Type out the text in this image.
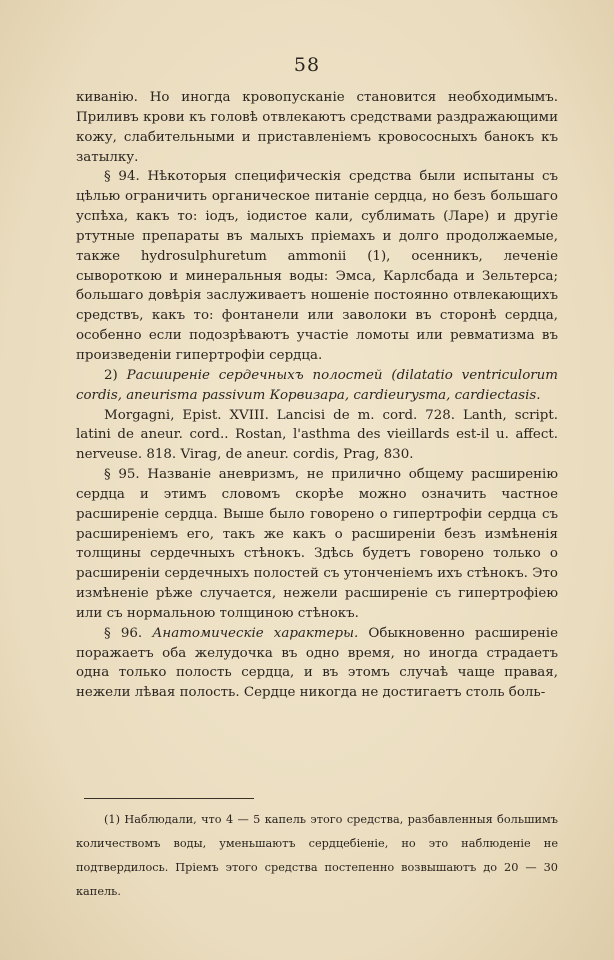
58

киванію. Но иногда кровопусканіе становится необходимымъ. Приливъ крови къ головѣ отвлекаютъ средствами раздражающими кожу, слабительными и приставленіемъ кровососныхъ банокъ къ затылку.

§ 94. Нѣкоторыя специфическія средства были испытаны съ цѣлью ограничить органическое питаніе сердца, но безъ большаго успѣха, какъ то: іодъ, іодистое кали, сублимать (Ларе) и другіе ртутные препараты въ малыхъ пріемахъ и долго продолжаемые, также hydrosulphuretum ammonii (1), осенникъ, леченіе сывороткою и минеральныя воды: Эмса, Карлсбада и Зельтерса; большаго довѣрія заслуживаетъ ношеніе постоянно отвлекающихъ средствъ, какъ то: фонтанели или заволоки въ сторонѣ сердца, особенно если подозрѣваютъ участіе ломоты или ревматизма въ произведеніи гипертрофіи сердца.

2) Расширеніе сердечныхъ полостей (dilatatio ventriculorum cordis, aneurisma passivum Корвизара, cardieurysma, cardiectasis.

Morgagni, Epist. XVIII. Lancisi de m. cord. 728. Lanth, script. latini de aneur. cord.. Rostan, l'asthma des vieillards est-il u. affect. nerveuse. 818. Virag, de aneur. cordis, Prag, 830.

§ 95. Названіе аневризмъ, не прилично общему расширенію сердца и этимъ словомъ скорѣе можно означить частное расширеніе сердца. Выше было говорено о гипертрофіи сердца съ расширеніемъ его, такъ же какъ о расширеніи безъ измѣненія толщины сердечныхъ стѣнокъ. Здѣсь будетъ говорено только о расширеніи сердечныхъ полостей съ утонченіемъ ихъ стѣнокъ. Это измѣненіе рѣже случается, нежели расширеніе съ гипертрофіею или съ нормальною толщиною стѣнокъ.

§ 96. Анатомическіе характеры. Обыкновенно расширеніе поражаетъ оба желудочка въ одно время, но иногда страдаетъ одна только полость сердца, и въ этомъ случаѣ чаще правая, нежели лѣвая полость. Сердце никогда не достигаетъ столь боль-

(1) Наблюдали, что 4 — 5 капель этого средства, разбавленныя большимъ количествомъ воды, уменьшаютъ сердцебіеніе, но это наблюденіе не подтвердилось. Пріемъ этого средства постепенно возвышаютъ до 20 — 30 капель.
